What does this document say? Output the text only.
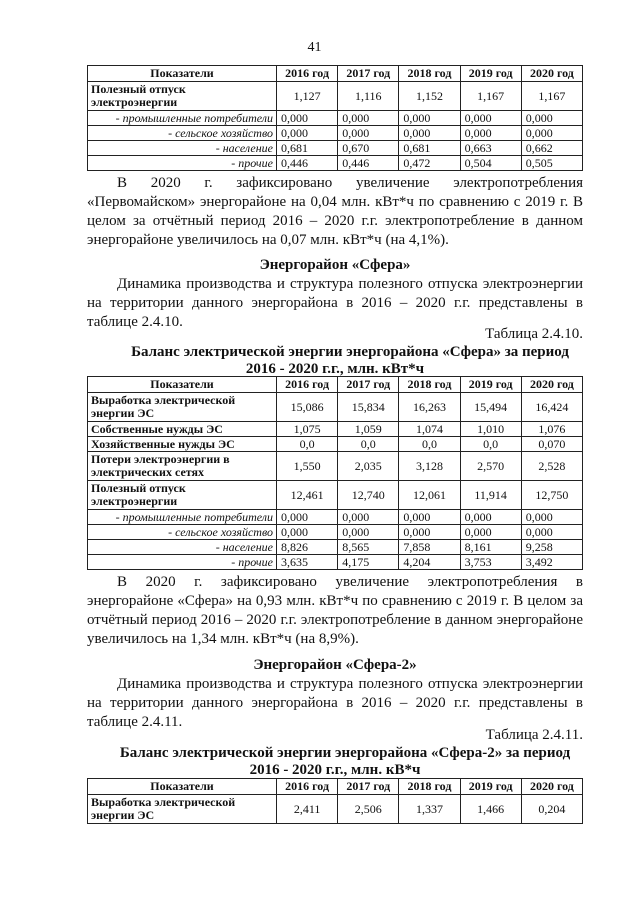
41
Показатели	2016 год	2017 год	2018 год	2019 год	2020 год
Полезный отпуск электроэнергии	1,127	1,116	1,152	1,167	1,167
- промышленные потребители	0,000	0,000	0,000	0,000	0,000
- сельское хозяйство	0,000	0,000	0,000	0,000	0,000
- население	0,681	0,670	0,681	0,663	0,662
- прочие	0,446	0,446	0,472	0,504	0,505

В 2020 г. зафиксировано увеличение электропотребления «Первомайском» энергорайоне на 0,04 млн. кВт*ч по сравнению с 2019 г. В целом за отчётный период 2016 – 2020 г.г. электропотребление в данном энергорайоне увеличилось на 0,07 млн. кВт*ч (на 4,1%).

Энергорайон «Сфера»

Динамика производства и структура полезного отпуска электроэнергии на территории данного энергорайона в 2016 – 2020 г.г. представлены в таблице 2.4.10.

Таблица 2.4.10.

Баланс электрической энергии энергорайона «Сфера» за период

2016 - 2020 г.г., млн. кВт*ч

Показатели	2016 год	2017 год	2018 год	2019 год	2020 год
Выработка электрической энергии ЭС	15,086	15,834	16,263	15,494	16,424
Собственные нужды ЭС	1,075	1,059	1,074	1,010	1,076
Хозяйственные нужды ЭС	0,0	0,0	0,0	0,0	0,070
Потери электроэнергии в электрических сетях	1,550	2,035	3,128	2,570	2,528
Полезный отпуск электроэнергии	12,461	12,740	12,061	11,914	12,750
- промышленные потребители	0,000	0,000	0,000	0,000	0,000
- сельское хозяйство	0,000	0,000	0,000	0,000	0,000
- население	8,826	8,565	7,858	8,161	9,258
- прочие	3,635	4,175	4,204	3,753	3,492

В 2020 г. зафиксировано увеличение электропотребления в энергорайоне «Сфера» на 0,93 млн. кВт*ч по сравнению с 2019 г. В целом за отчётный период 2016 – 2020 г.г. электропотребление в данном энергорайоне увеличилось на 1,34 млн. кВт*ч (на 8,9%).

Энергорайон «Сфера-2»

Динамика производства и структура полезного отпуска электроэнергии на территории данного энергорайона в 2016 – 2020 г.г. представлены в таблице 2.4.11.

Таблица 2.4.11.

Баланс электрической энергии энергорайона «Сфера-2» за период

2016 - 2020 г.г., млн. кВ*ч

Показатели	2016 год	2017 год	2018 год	2019 год	2020 год
Выработка электрической энергии ЭС	2,411	2,506	1,337	1,466	0,204
